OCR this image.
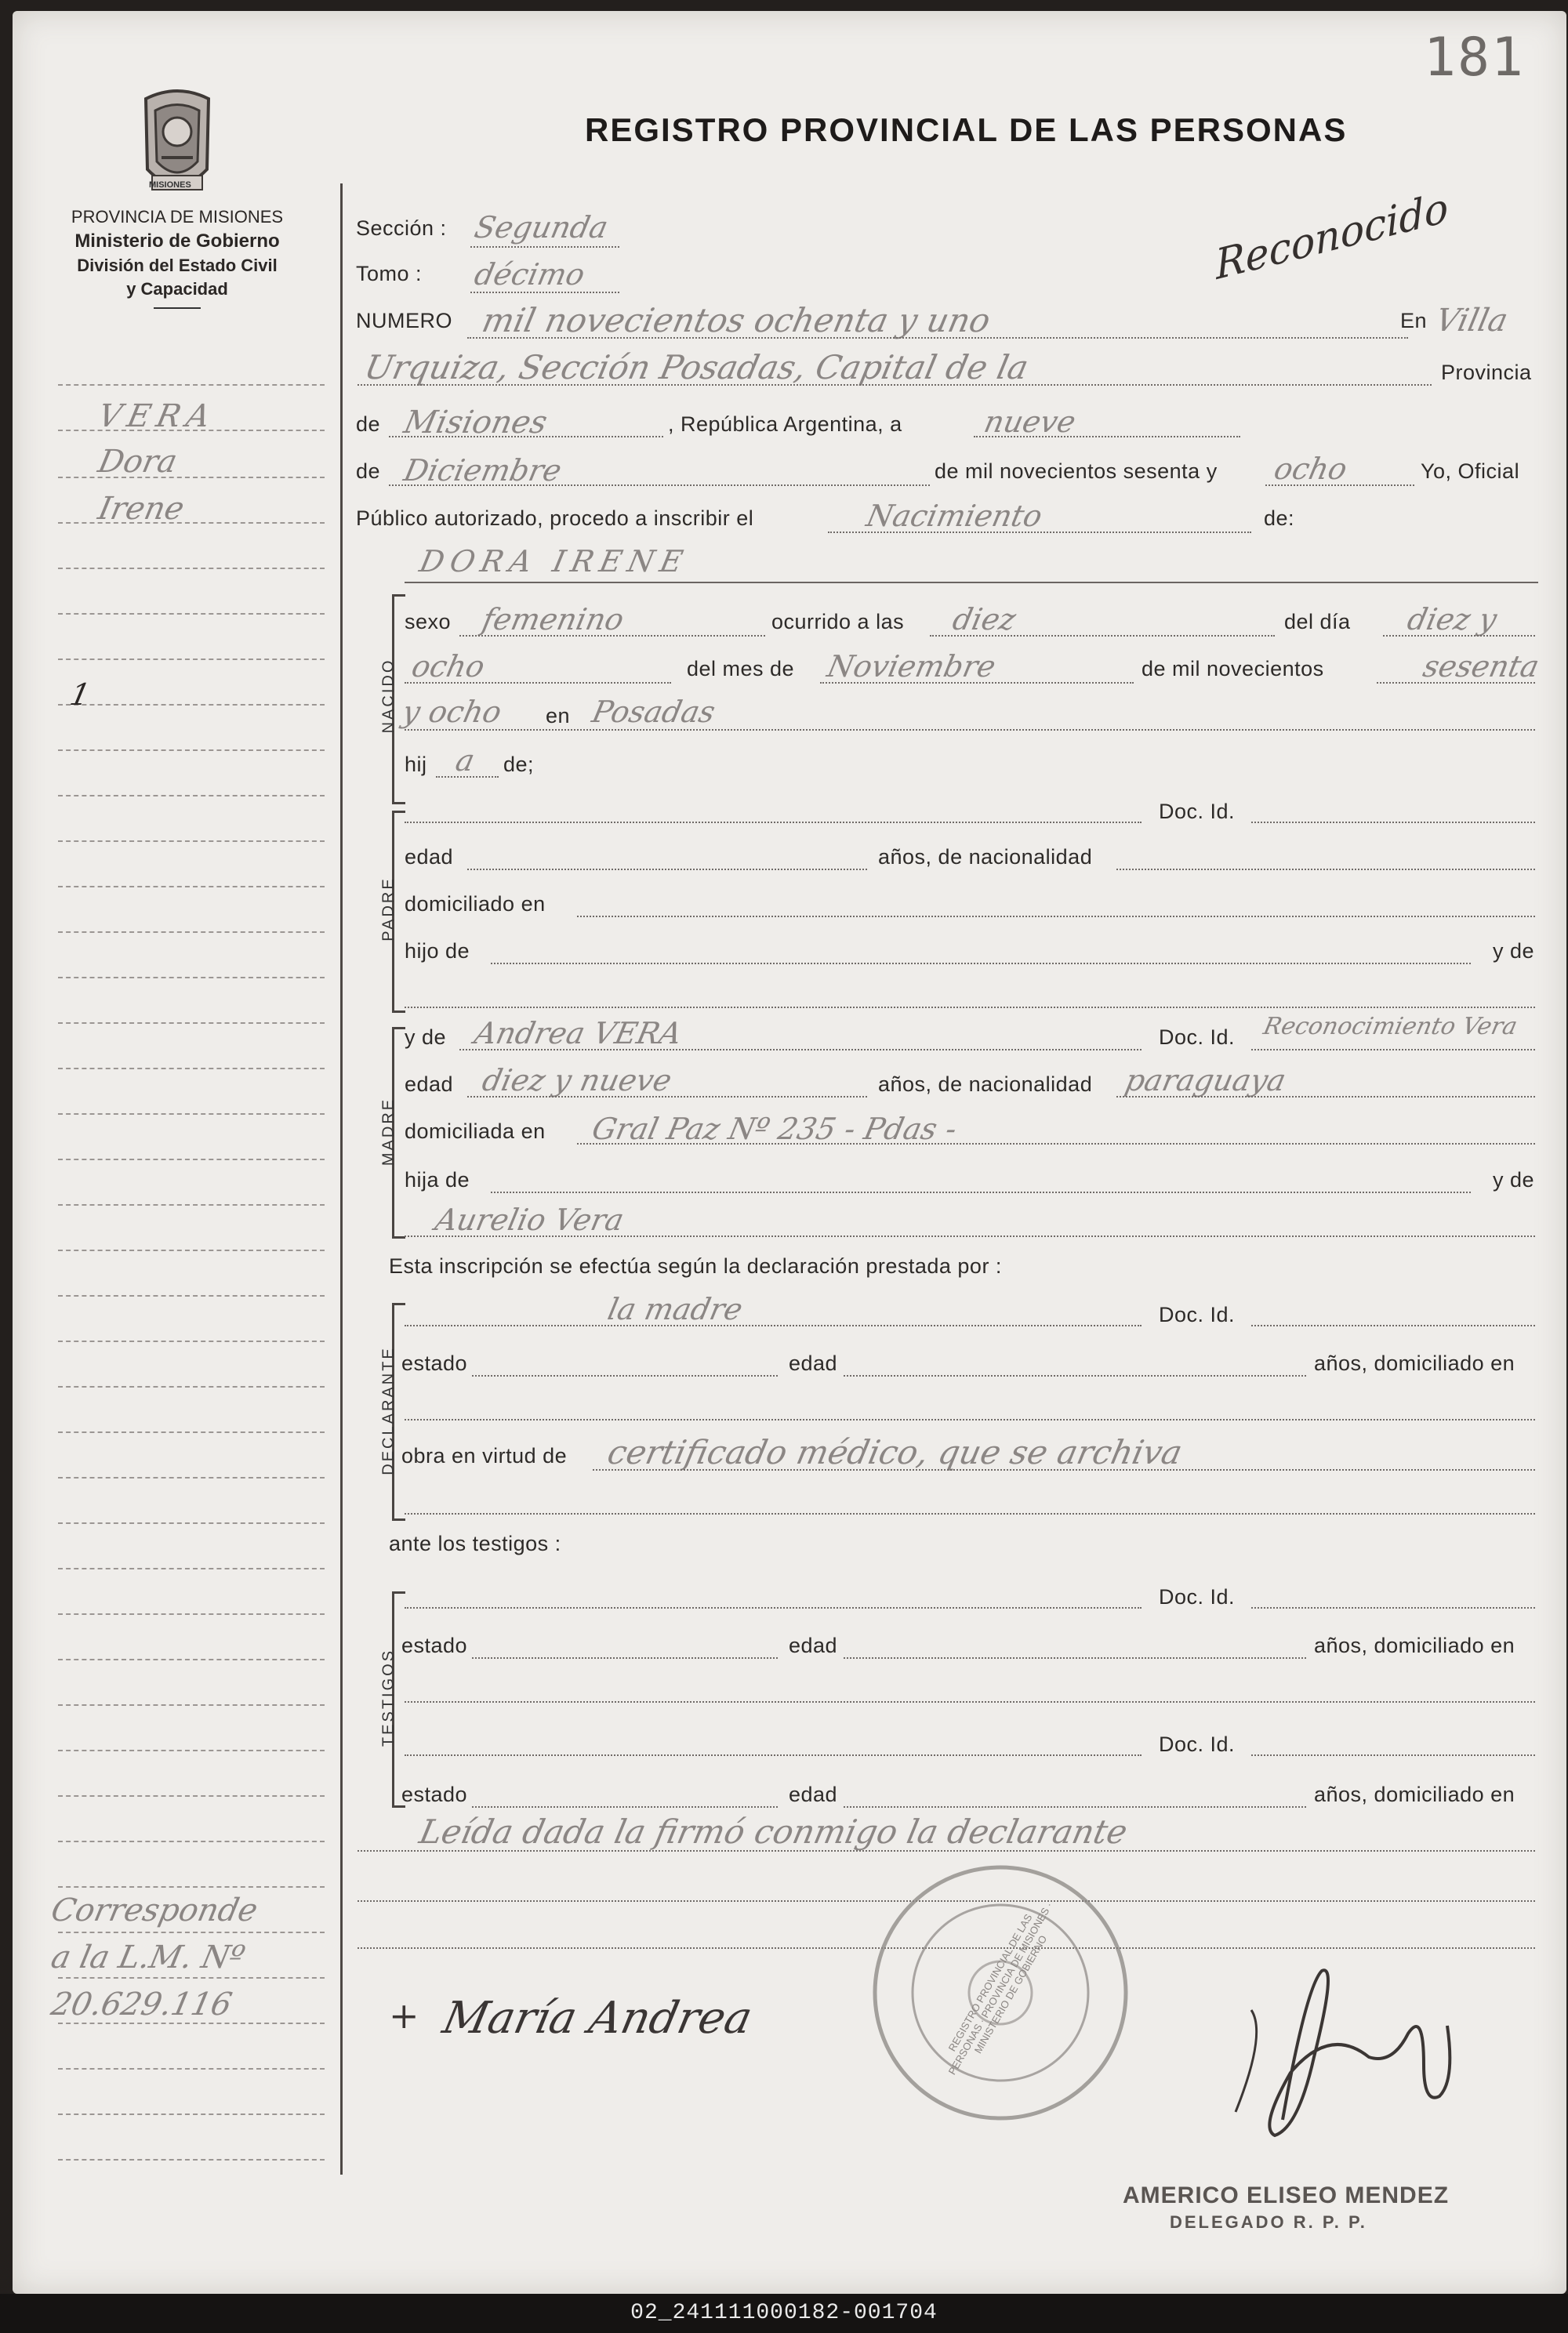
181
MISIONES
PROVINCIA DE MISIONES
Ministerio de Gobierno
División del Estado Civil
y Capacidad
REGISTRO PROVINCIAL DE LAS PERSONAS
VERA
Dora
Irene
1
Corresponde
a la L.M. Nº
20.629.116
Sección : Segunda
Tomo : décimo	Reconocido
NUMERO mil novecientos ochenta y uno	En Villa
Urquiza, Sección Posadas, Capital de la	Provincia
de Misiones	, República Argentina, a	nueve
de Diciembre	de mil novecientos sesenta y ocho	Yo, Oficial
Público autorizado, procedo a inscribir el	Nacimiento	de:
DORA IRENE
NACIDO
sexo femenino	ocurrido a las diez	del día diez y
ocho	del mes de Noviembre	de mil novecientos	sesenta
y ocho en Posadas
hij a de;
PADRE
Doc. Id.
edad	años, de nacionalidad
domiciliado en
hijo de	y de
MADRE
y de Andrea VERA	Doc. Id. Reconocimiento Vera
edad diez y nueve	años, de nacionalidad paraguaya
domiciliada en Gral Paz Nº 235 - Pdas -
hija de	y de
Aurelio Vera
Esta inscripción se efectúa según la declaración prestada por :
DECLARANTE
la madre	Doc. Id.
estado	edad	años, domiciliado en
obra en virtud de certificado médico, que se archiva
ante los testigos :
TESTIGOS
Doc. Id.
estado	edad	años, domiciliado en
Doc. Id.
estado	edad	años, domiciliado en
Leída dada la firmó conmigo la declarante
REGISTRO PROVINCIAL DE LAS PERSONAS · PROVINCIA DE MISIONES · MINISTERIO DE GOBIERNO
+ María Andrea
AMERICO ELISEO MENDEZ
DELEGADO R. P. P.
02_241111000182-001704
